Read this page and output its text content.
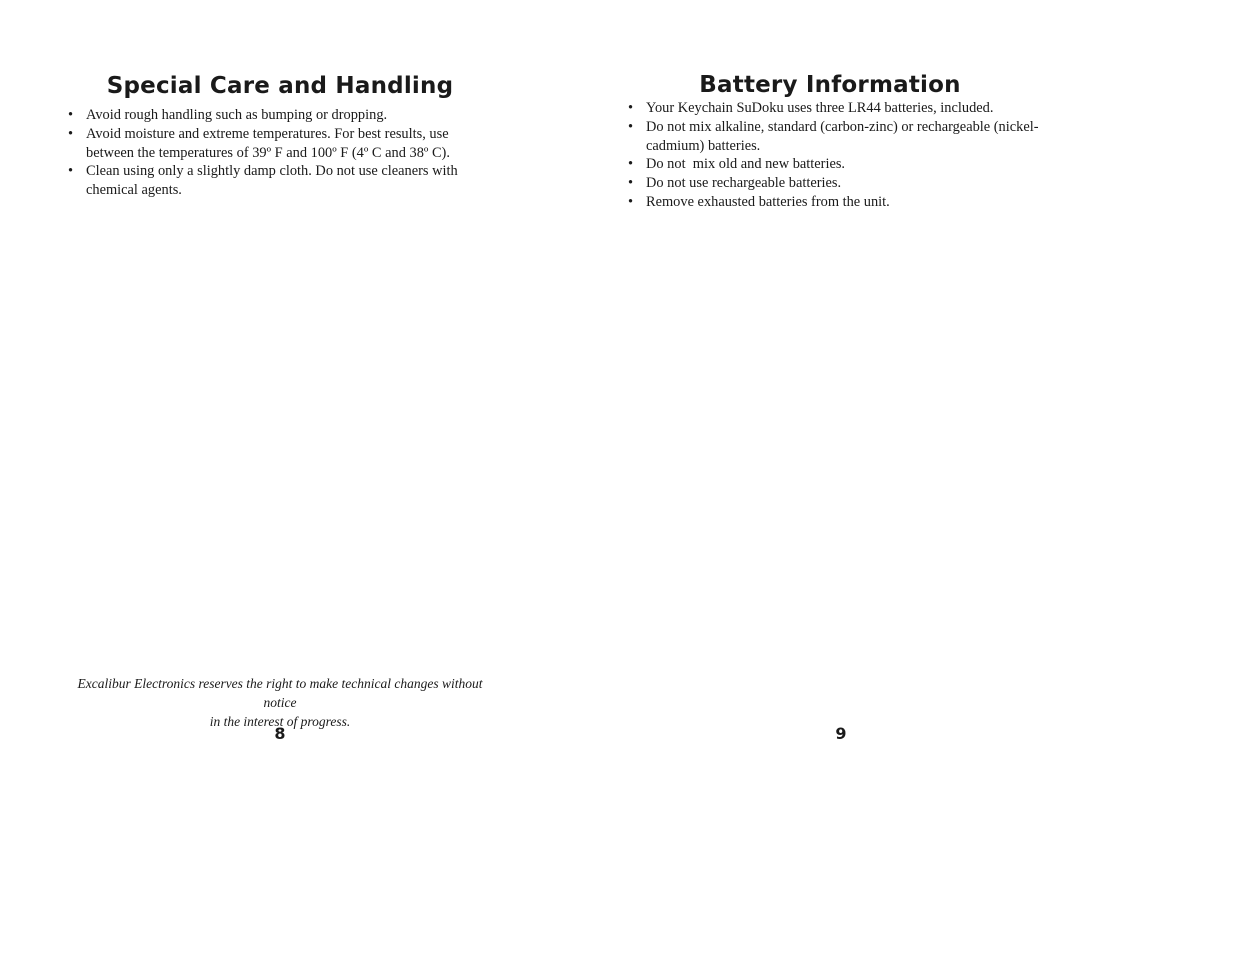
Special Care and Handling
• Avoid rough handling such as bumping or dropping.
• Avoid moisture and extreme temperatures. For best results, use between the temperatures of 39º F and 100º F (4º C and 38º C).
• Clean using only a slightly damp cloth. Do not use cleaners with chemical agents.

Excalibur Electronics reserves the right to make technical changes without notice
in the interest of progress.

8
Battery Information
• Your Keychain SuDoku uses three LR44 batteries, included.
• Do not mix alkaline, standard (carbon-zinc) or rechargeable (nickel-cadmium) batteries.
• Do not  mix old and new batteries.
• Do not use rechargeable batteries.
• Remove exhausted batteries from the unit.
9
